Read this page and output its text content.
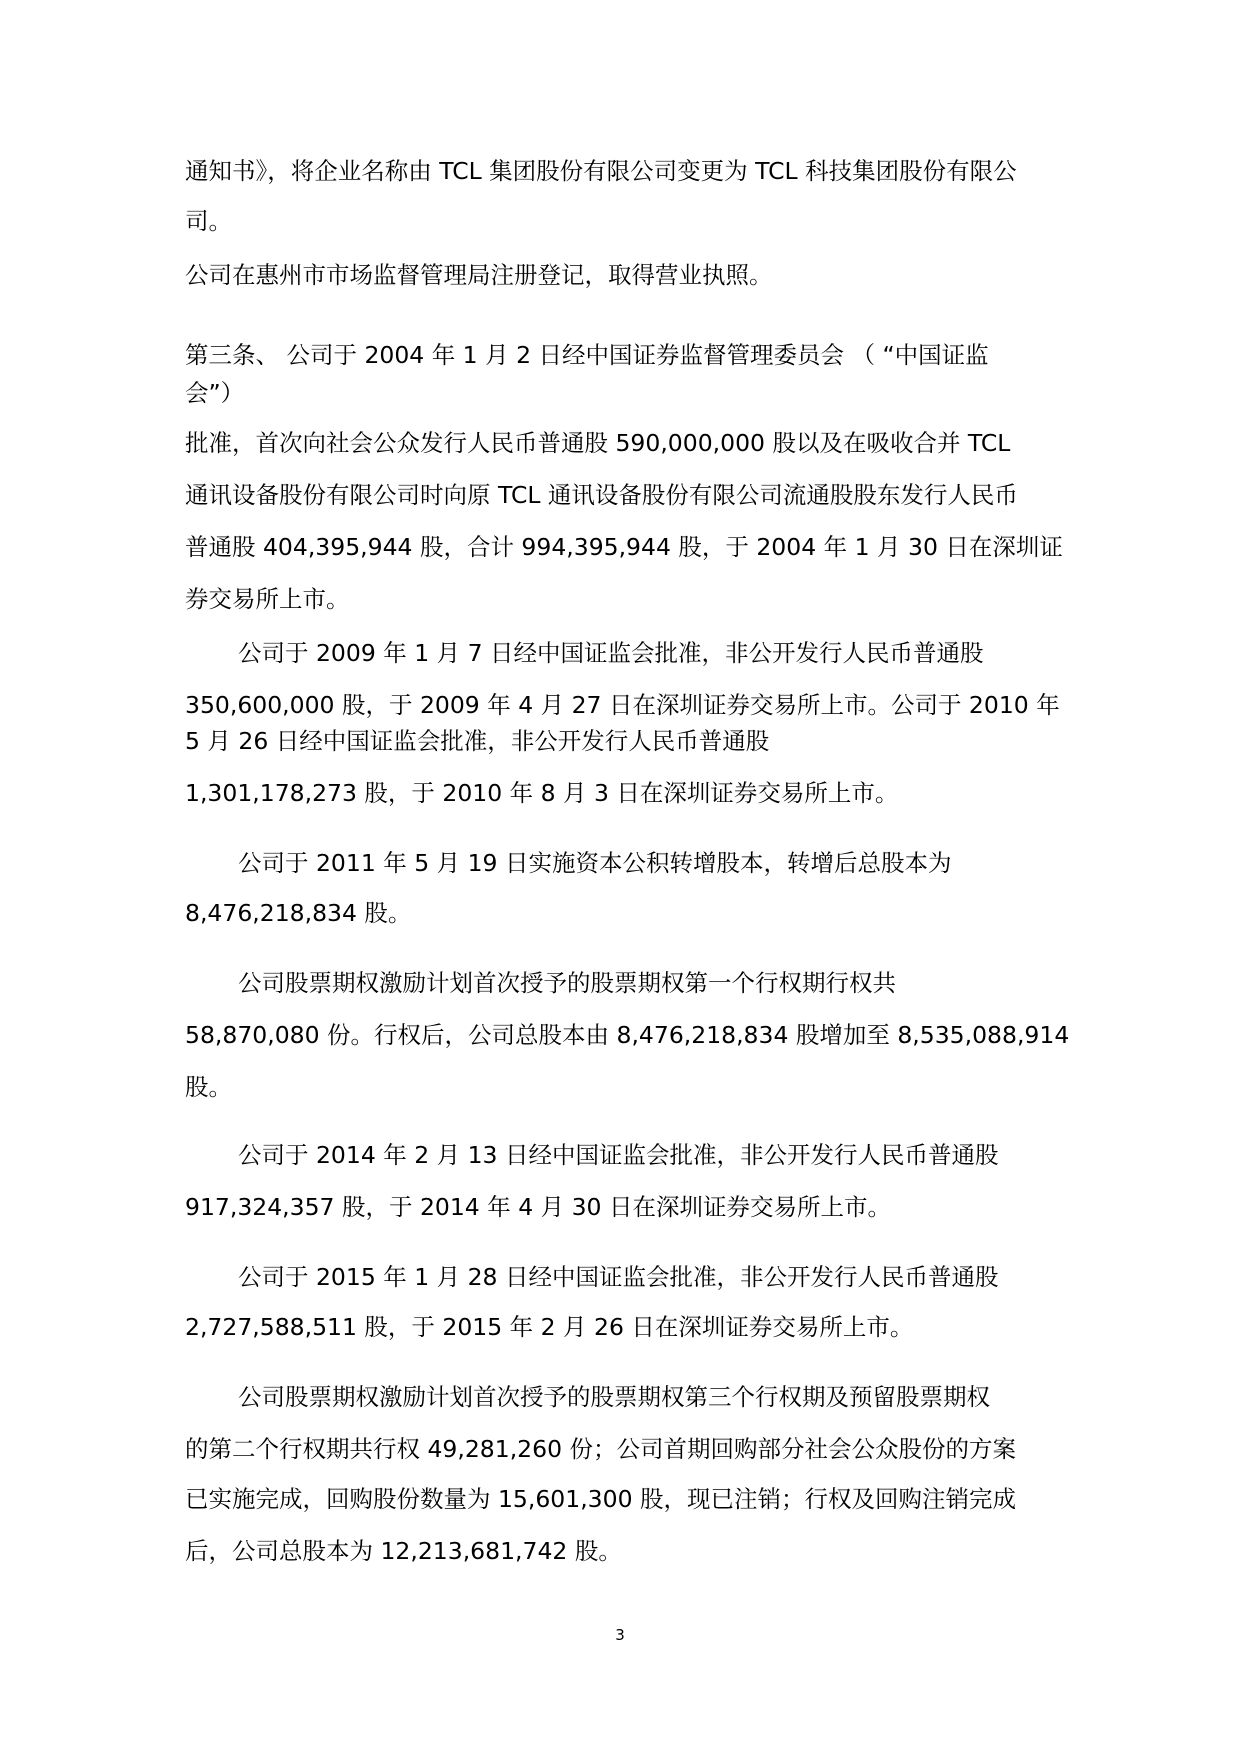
通知书》，将企业名称由 TCL 集团股份有限公司变更为 TCL 科技集团股份有限公

司。

公司在惠州市市场监督管理局注册登记，取得营业执照。

第三条、 公司于 2004 年 1 月 2 日经中国证券监督管理委员会 （ “中国证监

会”）

批准，首次向社会公众发行人民币普通股 590,000,000 股以及在吸收合并 TCL

通讯设备股份有限公司时向原 TCL 通讯设备股份有限公司流通股股东发行人民币

普通股 404,395,944 股，合计 994,395,944 股，于 2004 年 1 月 30 日在深圳证

券交易所上市。

公司于 2009 年 1 月 7 日经中国证监会批准，非公开发行人民币普通股

350,600,000 股，于 2009 年 4 月 27 日在深圳证券交易所上市。公司于 2010 年

5 月 26 日经中国证监会批准，非公开发行人民币普通股

1,301,178,273 股，于 2010 年 8 月 3 日在深圳证券交易所上市。

公司于 2011 年 5 月 19 日实施资本公积转增股本，转增后总股本为

8,476,218,834 股。

公司股票期权激励计划首次授予的股票期权第一个行权期行权共

58,870,080 份。行权后，公司总股本由 8,476,218,834 股增加至 8,535,088,914

股。

公司于 2014 年 2 月 13 日经中国证监会批准，非公开发行人民币普通股

917,324,357 股，于 2014 年 4 月 30 日在深圳证券交易所上市。

公司于 2015 年 1 月 28 日经中国证监会批准，非公开发行人民币普通股

2,727,588,511 股，于 2015 年 2 月 26 日在深圳证券交易所上市。

公司股票期权激励计划首次授予的股票期权第三个行权期及预留股票期权

的第二个行权期共行权 49,281,260 份；公司首期回购部分社会公众股份的方案

已实施完成，回购股份数量为 15,601,300 股，现已注销；行权及回购注销完成

后，公司总股本为 12,213,681,742 股。

3
